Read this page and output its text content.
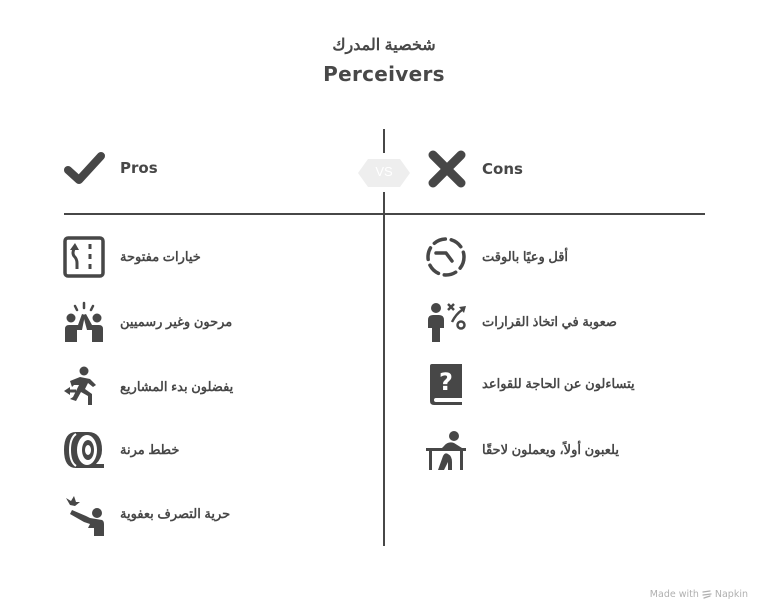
شخصية المدرك
Perceivers
VS
Pros	Cons
خيارات مفتوحة
مرحون وغير رسميين
يفضلون بدء المشاريع
خطط مرنة
حرية التصرف بعفوية
أقل وعيًا بالوقت
صعوبة في اتخاذ القرارات
? يتساءلون عن الحاجة للقواعد
يلعبون أولاً، ويعملون لاحقًا
Made with Napkin
